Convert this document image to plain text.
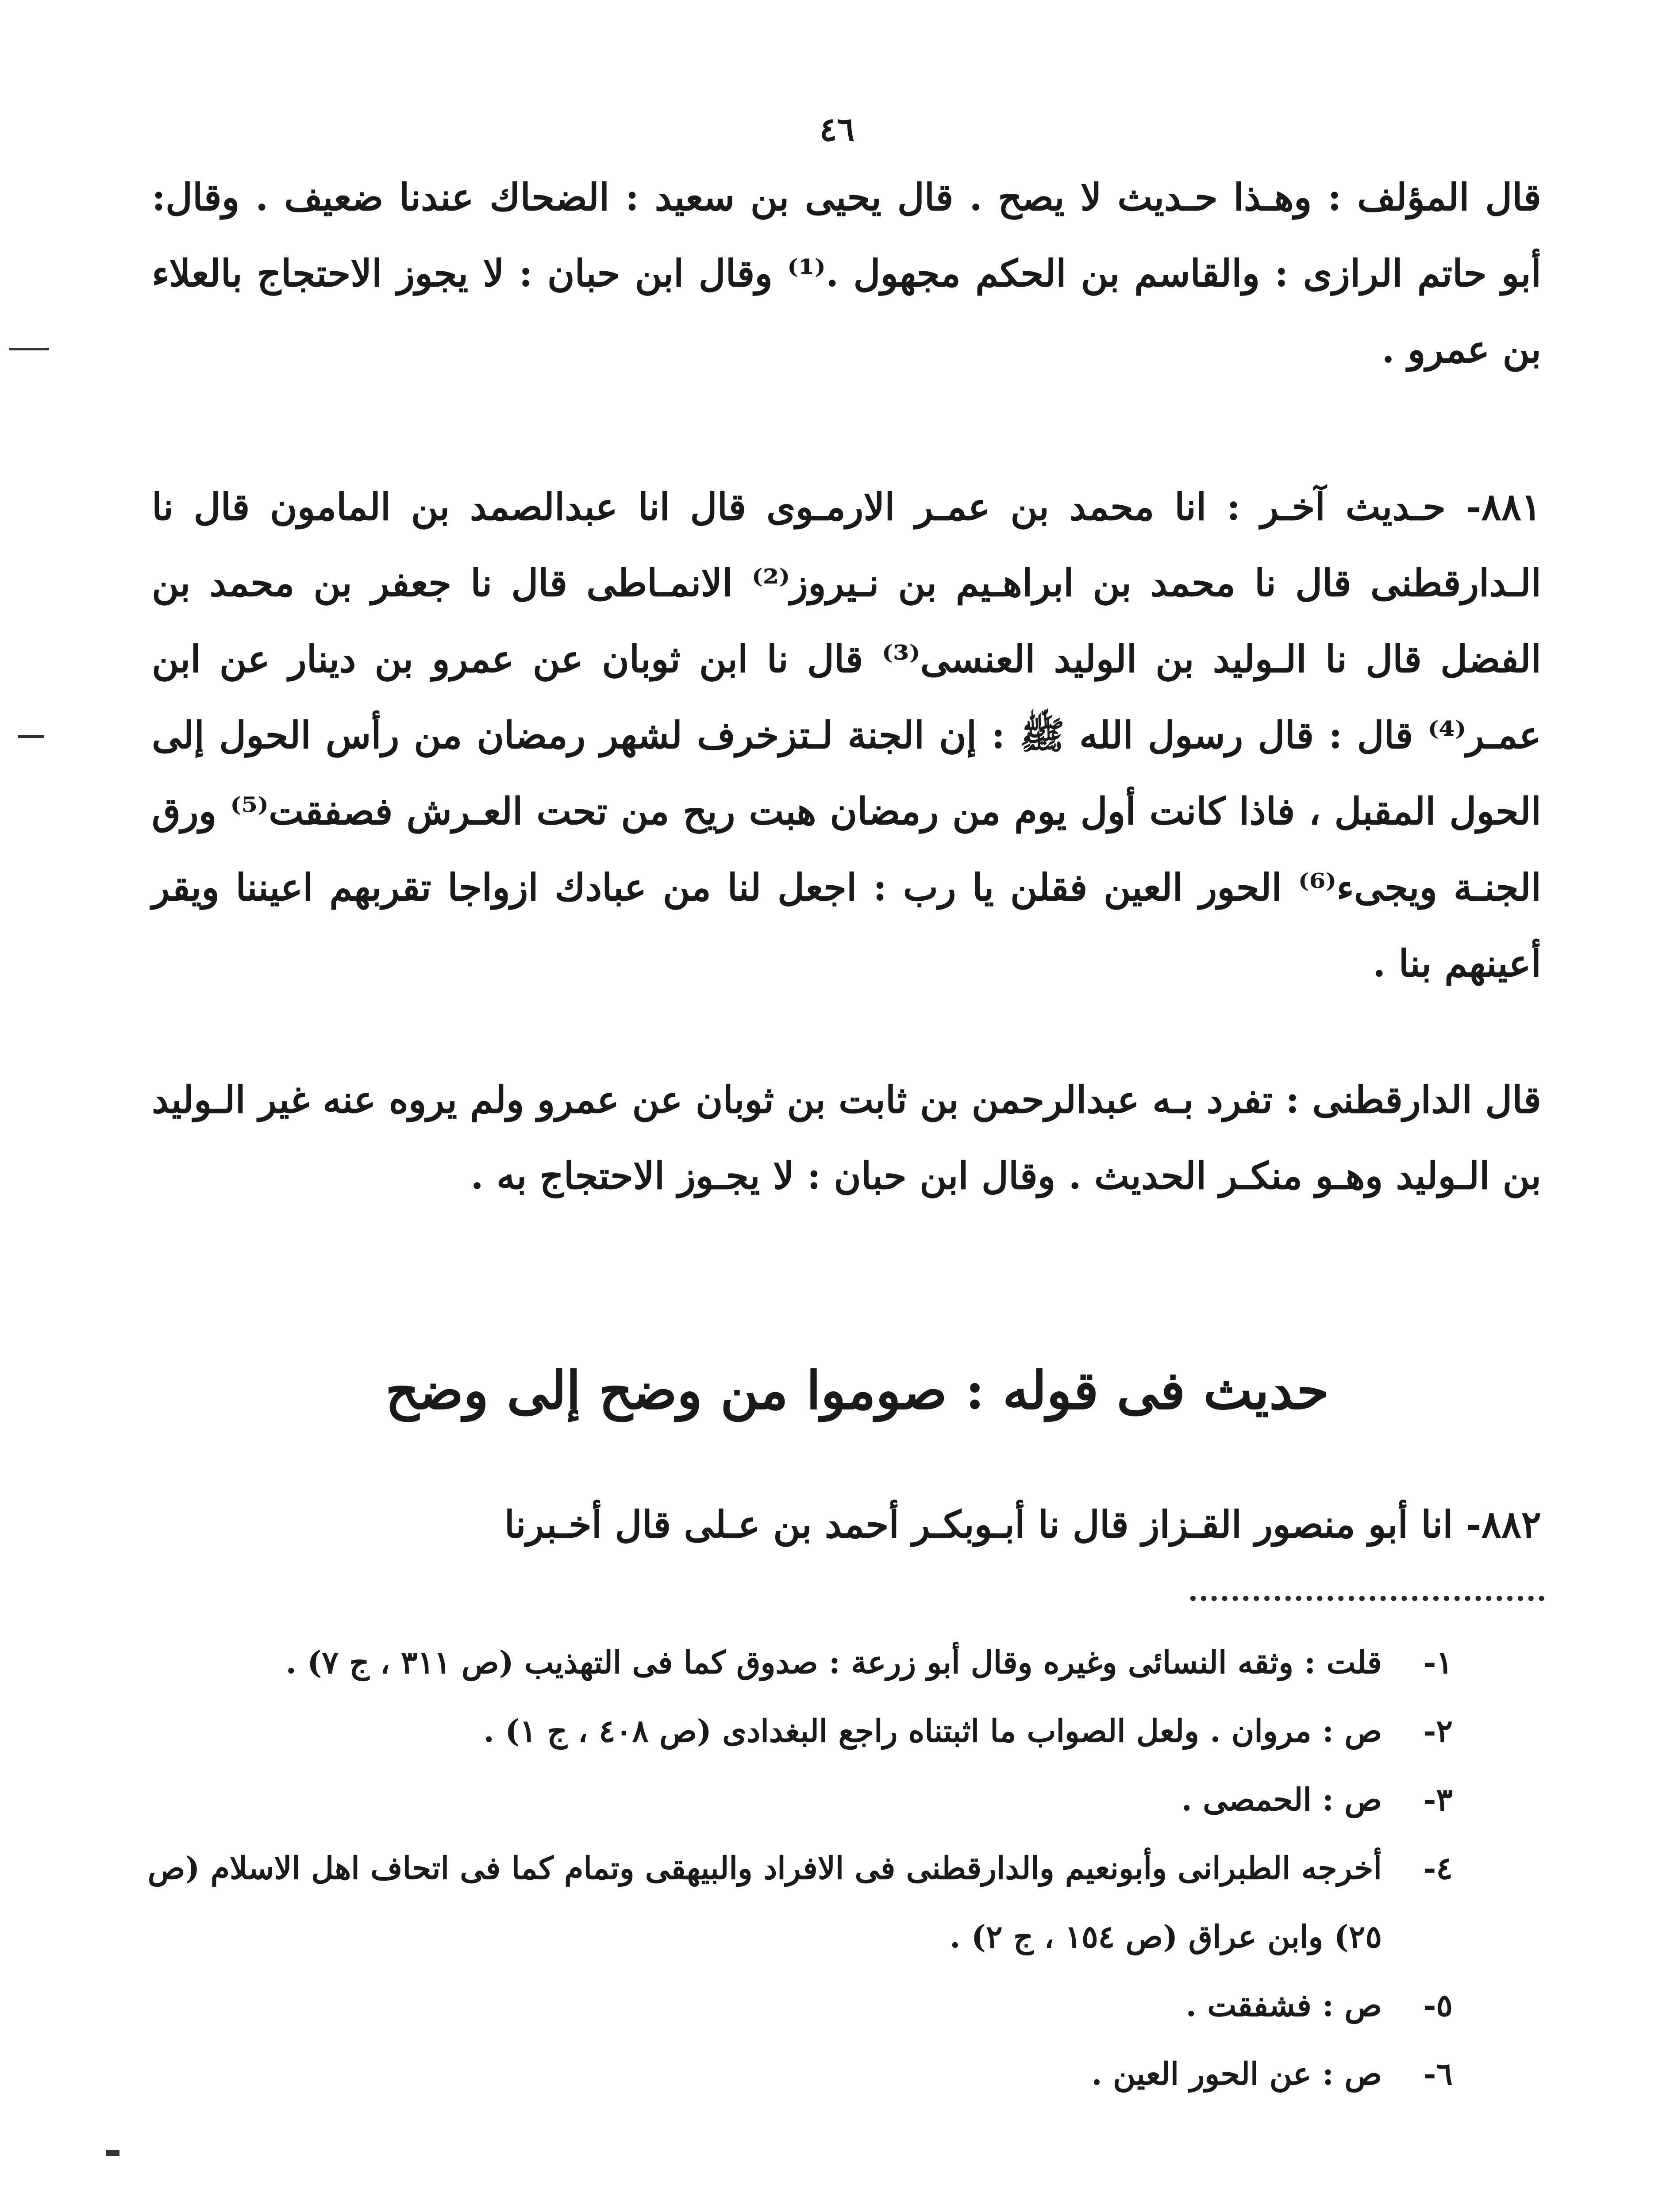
٤٦

قال المؤلف : وهـذا حـديث لا يصح . قال يحيى بن سعيد : الضحاك عندنا ضعيف . وقال: أبو حاتم الرازى : والقاسم بن الحكم مجهول .⁽¹⁾ وقال ابن حبان : لا يجوز الاحتجاج بالعلاء بن عمرو .

٨٨١- حـديث آخـر : انا محمد بن عمـر الارمـوى قال انا عبدالصمد بن المامون قال نا الـدارقطنى قال نا محمد بن ابراهـيم بن نـيروز⁽²⁾ الانمـاطى قال نا جعفر بن محمد بن الفضل قال نا الـوليد بن الوليد العنسى⁽³⁾ قال نا ابن ثوبان عن عمرو بن دينار عن ابن عمـر⁽⁴⁾ قال : قال رسول الله ﷺ : إن الجنة لـتزخرف لشهر رمضان من رأس الحول إلى الحول المقبل ، فاذا كانت أول يوم من رمضان هبت ريح من تحت العـرش فصفقت⁽⁵⁾ ورق الجنـة ويجىء⁽⁶⁾ الحور العين فقلن يا رب : اجعل لنا من عبادك ازواجا تقربهم اعيننا ويقر أعينهم بنا .

قال الدارقطنى : تفرد بـه عبدالرحمن بن ثابت بن ثوبان عن عمرو ولم يروه عنه غير الـوليد بن الـوليد وهـو منكـر الحديث . وقال ابن حبان : لا يجـوز الاحتجاج به .

حديث فى قوله : صوموا من وضح إلى وضح

٨٨٢- انا أبو منصور القـزاز قال نا أبـوبكـر أحمد بن عـلى قال أخـبرنا

١-
قلت : وثقه النسائى وغيره وقال أبو زرعة : صدوق كما فى التهذيب (ص ٣١١ ، ج ٧) .
٢-
ص : مروان . ولعل الصواب ما اثبتناه راجع البغدادى (ص ٤٠٨ ، ج ١) .
٣-
ص : الحمصى .
٤-
أخرجه الطبرانى وأبونعيم والدارقطنى فى الافراد والبيهقى وتمام كما فى اتحاف اهل الاسلام (ص ٢٥) وابن عراق (ص ١٥٤ ، ج ٢) .
٥-
ص : فشفقت .
٦-
ص : عن الحور العين .
